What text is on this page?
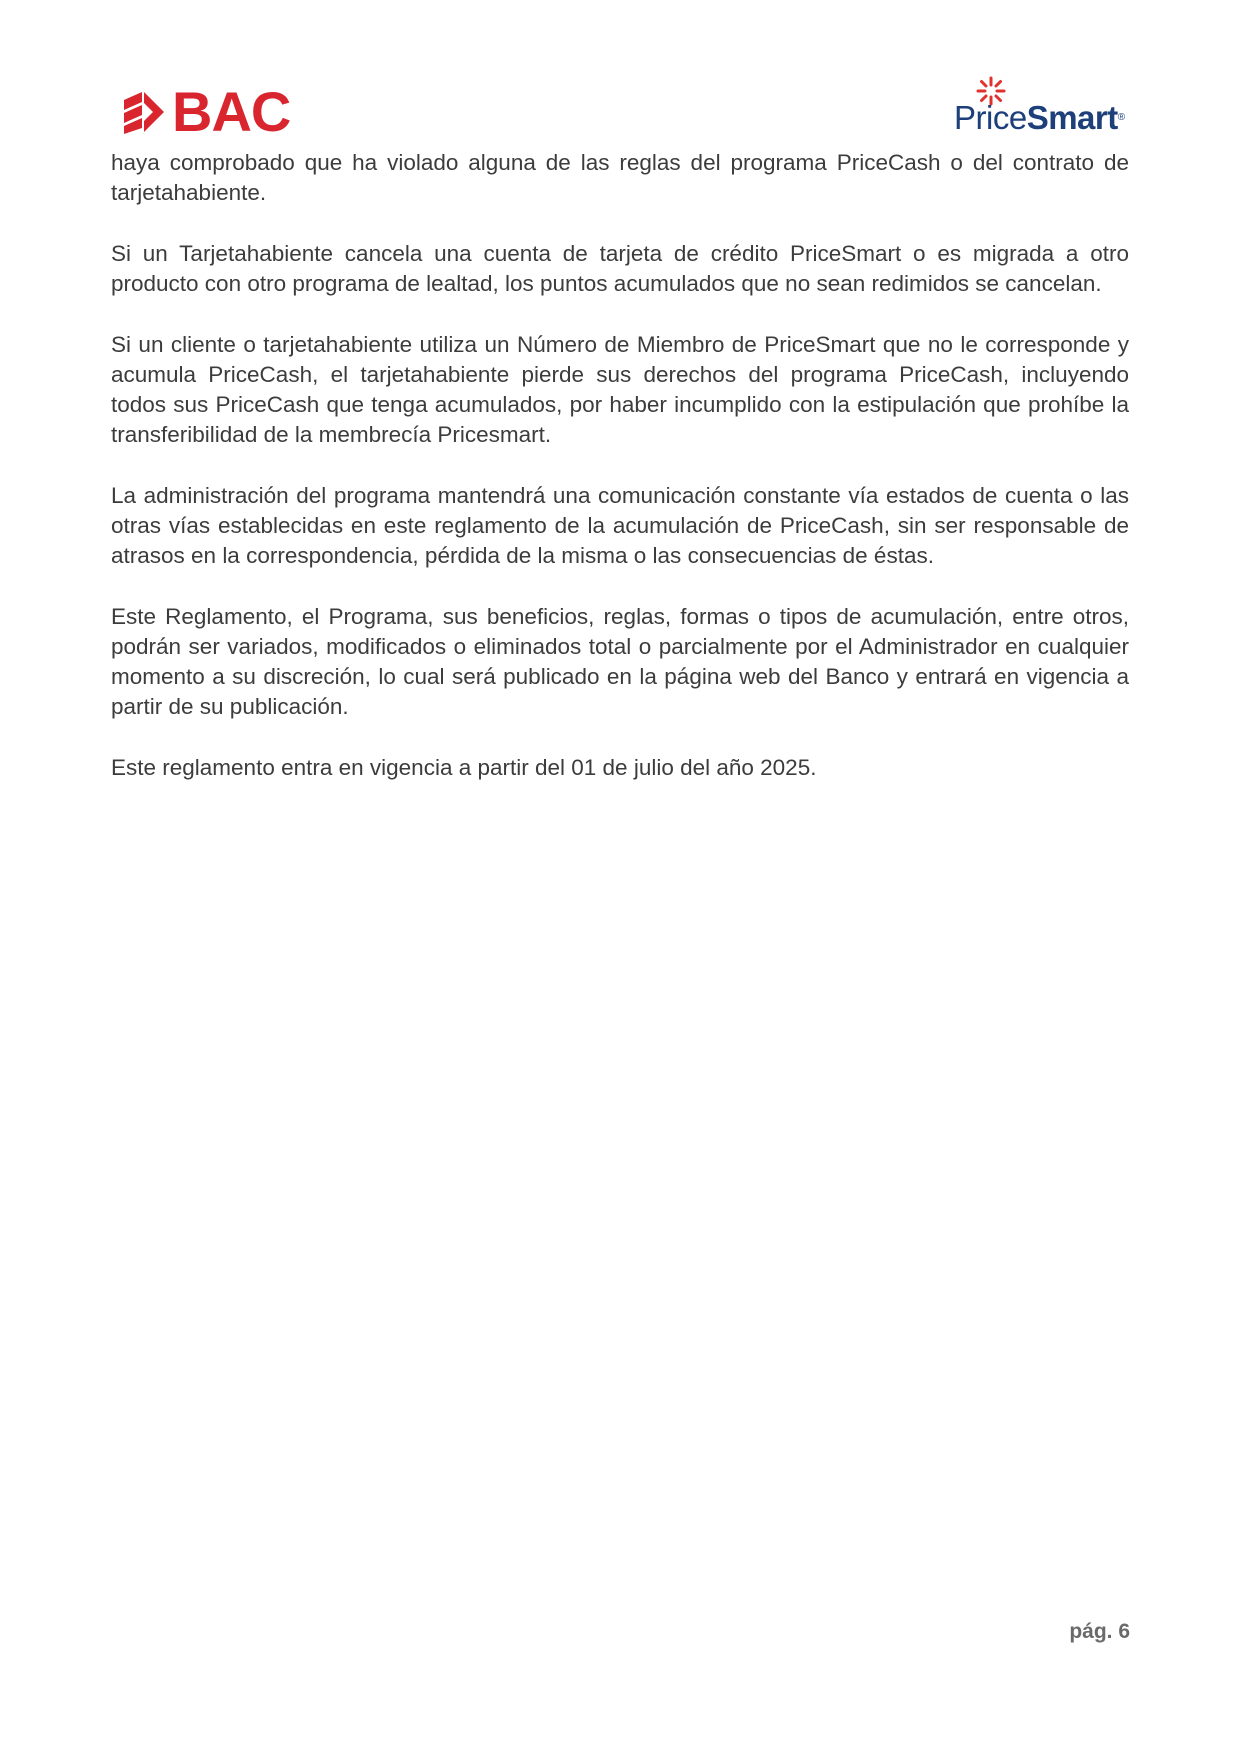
BAC	PriceSmart®

haya comprobado que ha violado alguna de las reglas del programa PriceCash o del contrato de tarjetahabiente.

Si un Tarjetahabiente cancela una cuenta de tarjeta de crédito PriceSmart o es migrada a otro producto con otro programa de lealtad, los puntos acumulados que no sean redimidos se cancelan.

Si un cliente o tarjetahabiente utiliza un Número de Miembro de PriceSmart que no le corresponde y acumula PriceCash, el tarjetahabiente pierde sus derechos del programa PriceCash, incluyendo todos sus PriceCash que tenga acumulados, por haber incumplido con la estipulación que prohíbe la transferibilidad de la membrecía Pricesmart.

La administración del programa mantendrá una comunicación constante vía estados de cuenta o las otras vías establecidas en este reglamento de la acumulación de PriceCash, sin ser responsable de atrasos en la correspondencia, pérdida de la misma o las consecuencias de éstas.

Este Reglamento, el Programa, sus beneficios, reglas, formas o tipos de acumulación, entre otros, podrán ser variados, modificados o eliminados total o parcialmente por el Administrador en cualquier momento a su discreción, lo cual será publicado en la página web del Banco y entrará en vigencia a partir de su publicación.

Este reglamento entra en vigencia a partir del 01 de julio del año 2025.

pág. 6
